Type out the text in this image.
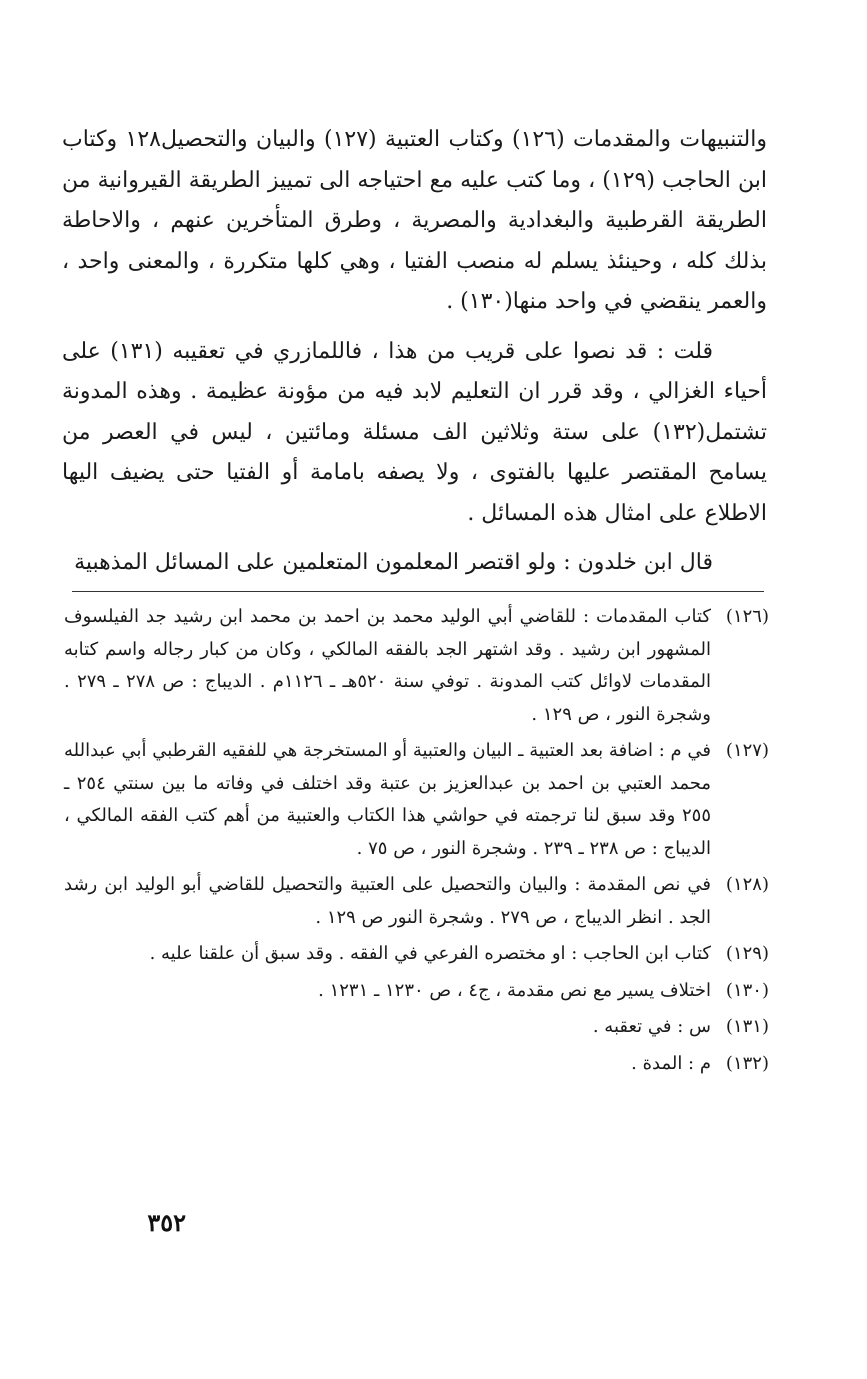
والتنبيهات والمقدمات (١٢٦) وكتاب العتبية (١٢٧) والبيان والتحصيل١٢٨ وكتاب ابن الحاجب (١٢٩) ، وما كتب عليه مع احتياجه الى تمييز الطريقة القيروانية من الطريقة القرطبية والبغدادية والمصرية ، وطرق المتأخرين عنهم ، والاحاطة بذلك كله ، وحينئذ يسلم له منصب الفتيا ، وهي كلها متكررة ، والمعنى واحد ، والعمر ينقضي في واحد منها(١٣٠) .

قلت : قد نصوا على قريب من هذا ، فاللمازري في تعقيبه (١٣١) على أحياء الغزالي ، وقد قرر ان التعليم لابد فيه من مؤونة عظيمة . وهذه المدونة تشتمل(١٣٢) على ستة وثلاثين الف مسئلة ومائتين ، ليس في العصر من يسامح المقتصر عليها بالفتوى ، ولا يصفه بامامة أو الفتيا حتى يضيف اليها الاطلاع على امثال هذه المسائل .

قال ابن خلدون : ولو اقتصر المعلمون المتعلمين على المسائل المذهبية

(١٢٦)
كتاب المقدمات : للقاضي أبي الوليد محمد بن احمد بن محمد ابن رشيد جد الفيلسوف المشهور ابن رشيد . وقد اشتهر الجد بالفقه المالكي ، وكان من كبار رجاله واسم كتابه المقدمات لاوائل كتب المدونة . توفي سنة ٥٢٠هـ ـ ١١٢٦م . الديباج : ص ٢٧٨ ـ ٢٧٩ . وشجرة النور ، ص ١٢٩ .
(١٢٧)
في م : اضافة بعد العتبية ـ البيان والعتبية أو المستخرجة هي للفقيه القرطبي أبي عبدالله محمد العتبي بن احمد بن عبدالعزيز بن عتبة وقد اختلف في وفاته ما بين سنتي ٢٥٤ ـ ٢٥٥ وقد سبق لنا ترجمته في حواشي هذا الكتاب والعتبية من أهم كتب الفقه المالكي ، الديباج : ص ٢٣٨ ـ ٢٣٩ . وشجرة النور ، ص ٧٥ .
(١٢٨)
في نص المقدمة : والبيان والتحصيل على العتبية والتحصيل للقاضي أبو الوليد ابن رشد الجد . انظر الديباج ، ص ٢٧٩ . وشجرة النور ص ١٢٩ .
(١٢٩)
كتاب ابن الحاجب : او مختصره الفرعي في الفقه . وقد سبق أن علقنا عليه .
(١٣٠)
اختلاف يسير مع نص مقدمة ، ج٤ ، ص ١٢٣٠ ـ ١٢٣١ .
(١٣١)
س : في تعقبه .
(١٣٢)
م : المدة .
٣٥٢
